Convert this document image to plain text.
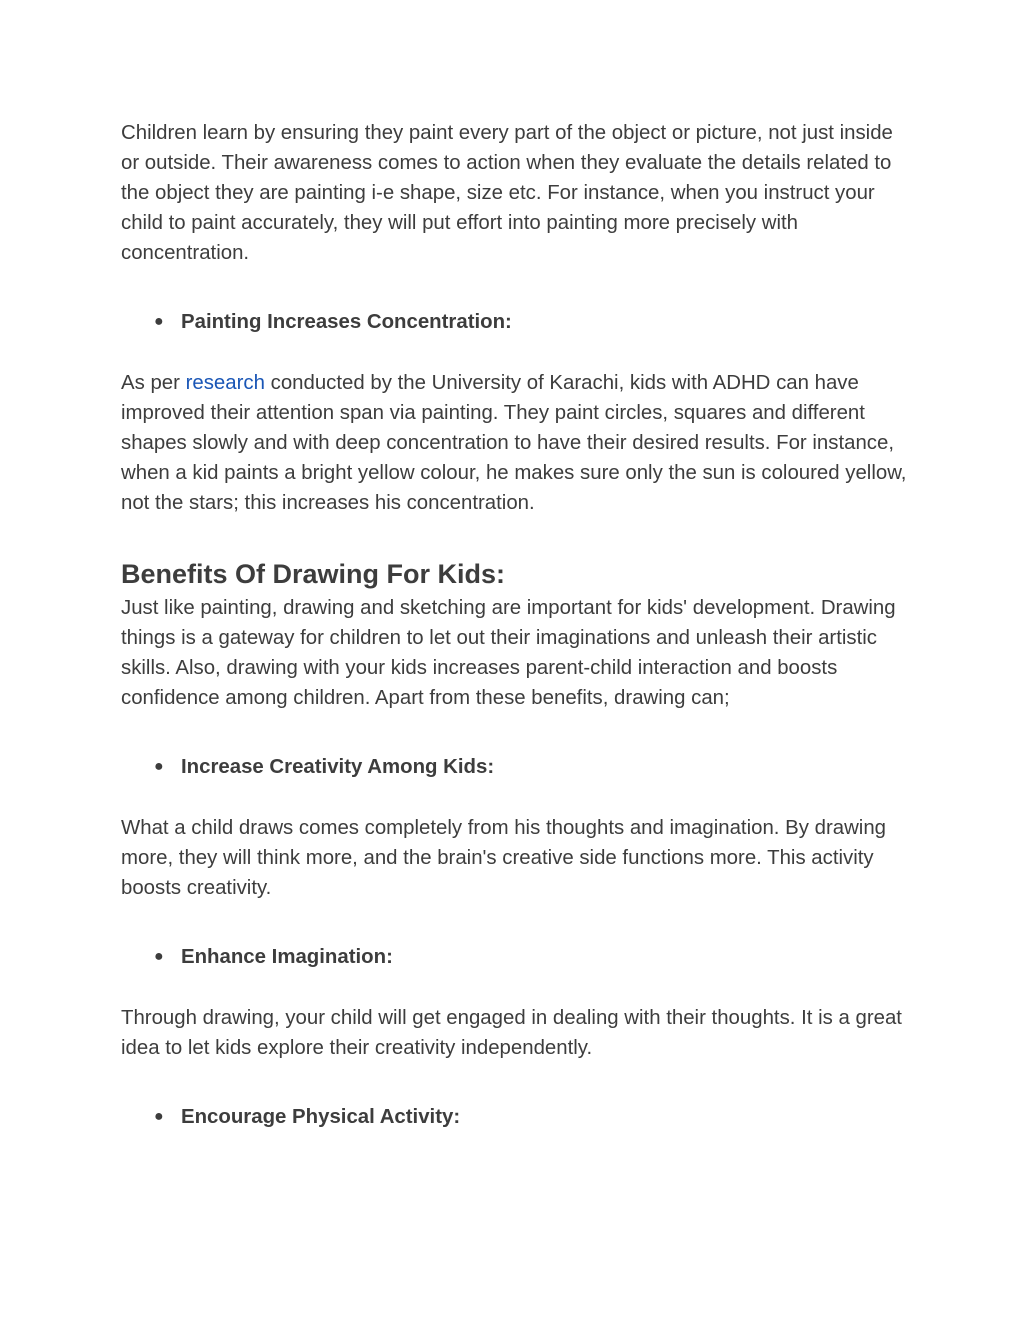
Children learn by ensuring they paint every part of the object or picture, not just inside or outside. Their awareness comes to action when they evaluate the details related to the object they are painting i-e shape, size etc. For instance, when you instruct your child to paint accurately, they will put effort into painting more precisely with concentration.

● Painting Increases Concentration:

As per research conducted by the University of Karachi, kids with ADHD can have improved their attention span via painting. They paint circles, squares and different shapes slowly and with deep concentration to have their desired results. For instance, when a kid paints a bright yellow colour, he makes sure only the sun is coloured yellow, not the stars; this increases his concentration.

Benefits Of Drawing For Kids:

Just like painting, drawing and sketching are important for kids' development. Drawing things is a gateway for children to let out their imaginations and unleash their artistic skills. Also, drawing with your kids increases parent-child interaction and boosts confidence among children. Apart from these benefits, drawing can;

● Increase Creativity Among Kids:

What a child draws comes completely from his thoughts and imagination. By drawing more, they will think more, and the brain's creative side functions more. This activity boosts creativity.

● Enhance Imagination:

Through drawing, your child will get engaged in dealing with their thoughts. It is a great idea to let kids explore their creativity independently.

● Encourage Physical Activity:
